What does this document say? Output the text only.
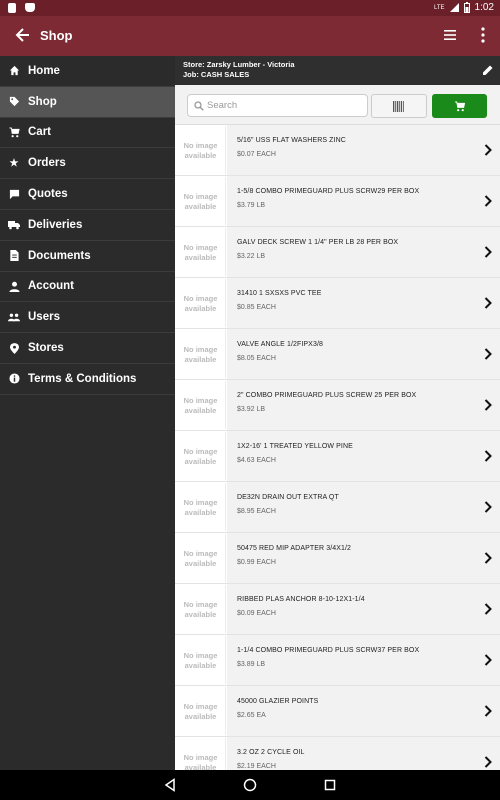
LTE	1:02
Shop
Home
Shop
Cart
★ Orders
Quotes
Deliveries
Documents
Account
Users
Stores
Terms & Conditions
Store: Zarsky Lumber - Victoria
Job: CASH SALES
Search
No image
available
5/16" USS FLAT WASHERS ZINC
$0.07 EACH
No image
available
1-5/8 COMBO PRIMEGUARD PLUS SCRW29 PER BOX
$3.79 LB
No image
available
GALV DECK SCREW 1 1/4" PER LB 28 PER BOX
$3.22 LB
No image
available
31410 1 SXSXS PVC TEE
$0.85 EACH
No image
available
VALVE ANGLE 1/2FIPX3/8
$8.05 EACH
No image
available
2" COMBO PRIMEGUARD PLUS SCREW 25 PER BOX
$3.92 LB
No image
available
1X2-16' 1 TREATED YELLOW PINE
$4.63 EACH
No image
available
DE32N DRAIN OUT EXTRA QT
$8.95 EACH
No image
available
50475 RED MIP ADAPTER 3/4X1/2
$0.99 EACH
No image
available
RIBBED PLAS ANCHOR 8-10-12X1-1/4
$0.09 EACH
No image
available
1-1/4 COMBO PRIMEGUARD PLUS SCRW37 PER BOX
$3.89 LB
No image
available
45000 GLAZIER POINTS
$2.65 EA
No image
available
3.2 OZ 2 CYCLE OIL
$2.19 EACH
